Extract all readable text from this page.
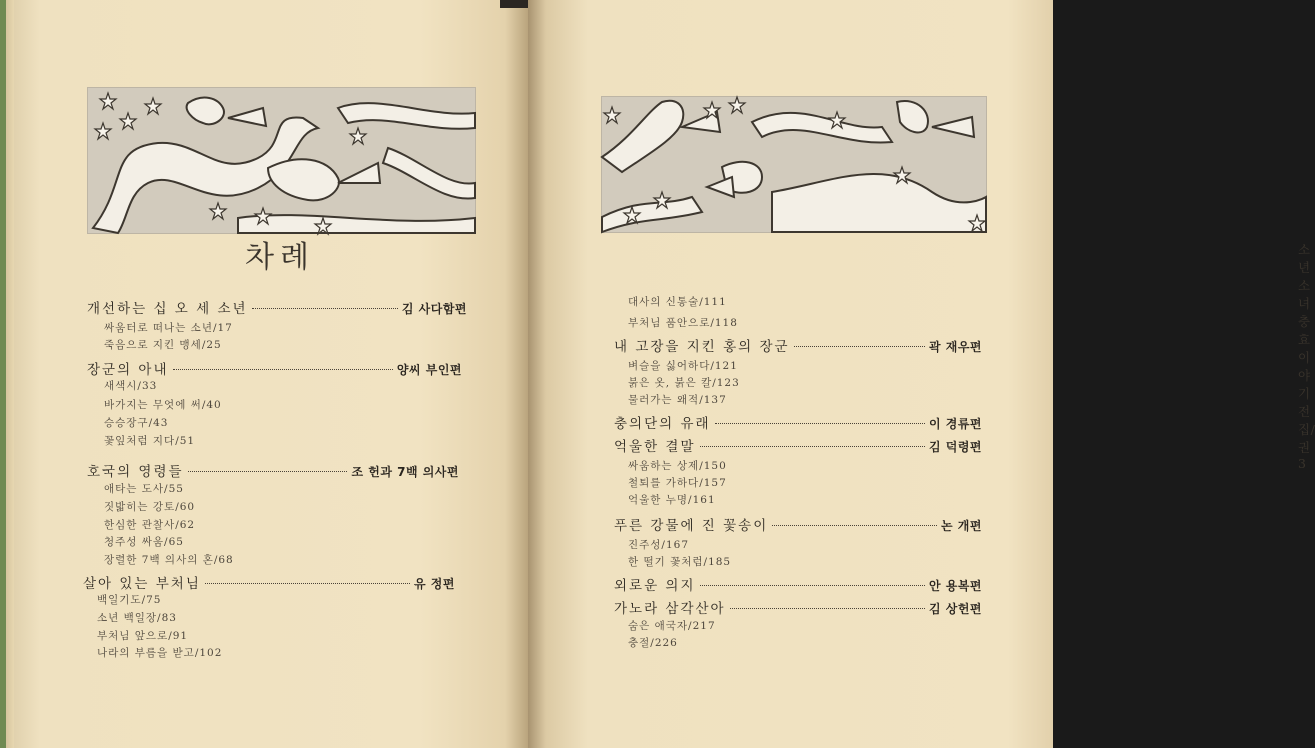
차례
개선하는 십 오 세 소년	김 사다함편
싸움터로 떠나는 소년/17
죽음으로 지킨 맹세/25
장군의 아내	양씨 부인편
새색시/33
바가지는 무엇에 써/40
승승장구/43
꽃잎처럼 지다/51
호국의 영령들	조 헌과 7백 의사편
애타는 도사/55
짓밟히는 강토/60
한심한 관찰사/62
청주성 싸움/65
장렬한 7백 의사의 혼/68
살아 있는 부처님	유 정편
백일기도/75
소년 백일장/83
부처님 앞으로/91
나라의 부름을 받고/102
소년소녀 충효 이야기 전집/권 3
대사의 신통술/111
부처님 품안으로/118
내 고장을 지킨 홍의 장군	곽 재우편
벼슬을 싫어하다/121
붉은 옷, 붉은 칼/123
물러가는 왜적/137
충의단의 유래	이 경류편
억울한 결말	김 덕령편
싸움하는 상제/150
철퇴를 가하다/157
억울한 누명/161
푸른 강물에 진 꽃송이	논 개편
진주성/167
한 떨기 꽃처럼/185
외로운 의지	안 용복편
가노라 삼각산아	김 상헌편
숨은 애국자/217
충절/226
